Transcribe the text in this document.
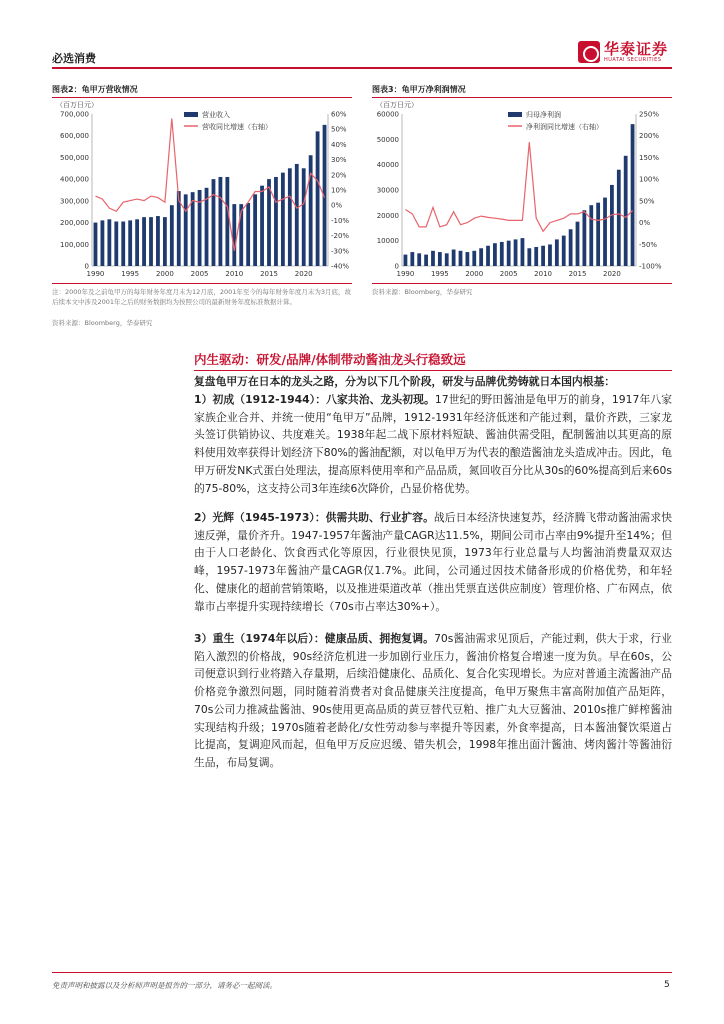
必选消费
华泰证券
HUATAI SECURITIES
图表2：龟甲万营收情况
（百万日元）
0
100,000
200,000
300,000
400,000
500,000
600,000
700,000
-40%
-30%
-20%
-10%
0%
10%
20%
30%
40%
50%
60%
1990 1995 2000 2005 2010 2015 2020
营业收入
营收同比增速（右轴）
注：2000年及之前龟甲万的每年财务年度月末为12月底，2001年至今的每年财务年度月末为3月底，故后续本文中涉及2001年之后的财务数据均为按照公司的最新财务年度标准数据计算。
资料来源：Bloomberg，华泰研究
图表3：龟甲万净利润情况
（百万日元）
0
10000
20000
30000
40000
50000
60000
-100%
-50%
0%
50%
100%
150%
200%
250%
1990 1995 2000 2005 2010 2015 2020
归母净利润
净利润同比增速（右轴）
资料来源：Bloomberg，华泰研究
内生驱动：研发/品牌/体制带动酱油龙头行稳致远
复盘龟甲万在日本的龙头之路，分为以下几个阶段，研发与品牌优势铸就日本国内根基：
1）初成（1912-1944）：八家共治、龙头初现。17世纪的野田酱油是龟甲万的前身，1917年八家家族企业合并、并统一使用“龟甲万”品牌，1912-1931年经济低迷和产能过剩，量价齐跌，三家龙头签订供销协议、共度难关。1938年起二战下原材料短缺、酱油供需受阻，配制酱油以其更高的原料使用效率获得计划经济下80%的酱油配额，对以龟甲万为代表的酿造酱油龙头造成冲击。因此，龟甲万研发NK式蛋白处理法，提高原料使用率和产品品质，氮回收百分比从30s的60%提高到后来60s的75-80%，这支持公司3年连续6次降价，凸显价格优势。
2）光辉（1945-1973）：供需共助、行业扩容。战后日本经济快速复苏，经济腾飞带动酱油需求快速反弹，量价齐升。1947-1957年酱油产量CAGR达11.5%，期间公司市占率由9%提升至14%；但由于人口老龄化、饮食西式化等原因，行业很快见顶，1973年行业总量与人均酱油消费量双双达峰，1957-1973年酱油产量CAGR仅1.7%。此间，公司通过因技术储备形成的价格优势，和年轻化、健康化的超前营销策略，以及推进渠道改革（推出凭票直送供应制度）管理价格、广布网点，依靠市占率提升实现持续增长（70s市占率达30%+）。
3）重生（1974年以后）：健康品质、拥抱复调。70s酱油需求见顶后，产能过剩，供大于求，行业陷入激烈的价格战，90s经济危机进一步加剧行业压力，酱油价格复合增速一度为负。早在60s，公司便意识到行业将踏入存量期，后续沿健康化、品质化、复合化实现增长。为应对普通主流酱油产品价格竞争激烈问题，同时随着消费者对食品健康关注度提高，龟甲万聚焦丰富高附加值产品矩阵，70s公司力推减盐酱油、90s使用更高品质的黄豆替代豆粕、推广丸大豆酱油、2010s推广鲜榨酱油实现结构升级；1970s随着老龄化/女性劳动参与率提升等因素，外食率提高，日本酱油餐饮渠道占比提高，复调迎风而起，但龟甲万反应迟缓、错失机会，1998年推出面汁酱油、烤肉酱汁等酱油衍生品，布局复调。
免责声明和披露以及分析师声明是报告的一部分，请务必一起阅读。	5
